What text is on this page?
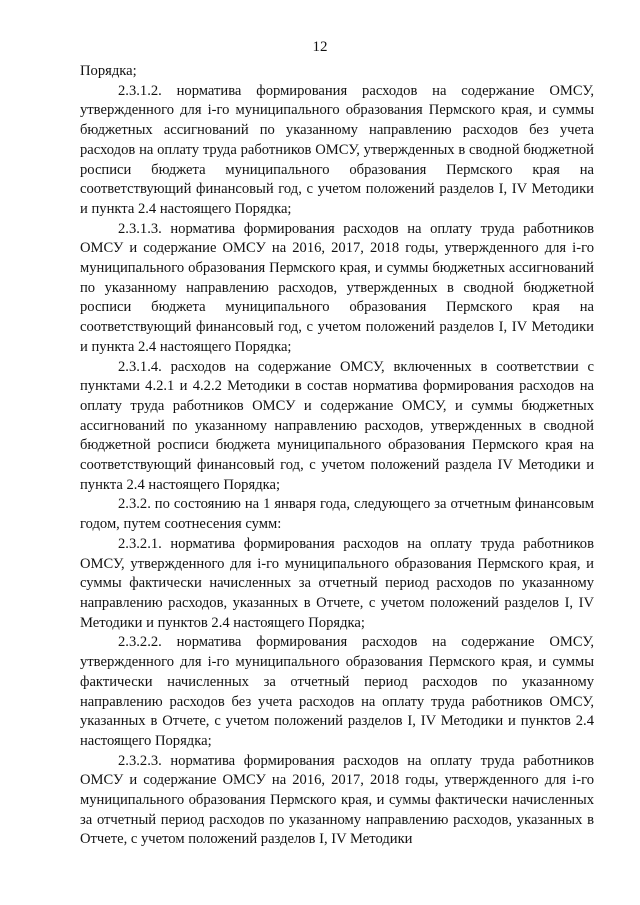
12

Порядка;

2.3.1.2. норматива формирования расходов на содержание ОМСУ, утвержденного для i-го муниципального образования Пермского края, и суммы бюджетных ассигнований по указанному направлению расходов без учета расходов на оплату труда работников ОМСУ, утвержденных в сводной бюджетной росписи бюджета муниципального образования Пермского края на соответствующий финансовый год, с учетом положений разделов I, IV Методики и пункта 2.4 настоящего Порядка;

2.3.1.3. норматива формирования расходов на оплату труда работников ОМСУ и содержание ОМСУ на 2016, 2017, 2018 годы, утвержденного для i-го муниципального образования Пермского края, и суммы бюджетных ассигнований по указанному направлению расходов, утвержденных в сводной бюджетной росписи бюджета муниципального образования Пермского края на соответствующий финансовый год, с учетом положений разделов I, IV Методики и пункта 2.4 настоящего Порядка;

2.3.1.4. расходов на содержание ОМСУ, включенных в соответствии с пунктами 4.2.1 и 4.2.2 Методики в состав норматива формирования расходов на оплату труда работников ОМСУ и содержание ОМСУ, и суммы бюджетных ассигнований по указанному направлению расходов, утвержденных в сводной бюджетной росписи бюджета муниципального образования Пермского края на соответствующий финансовый год, с учетом положений раздела IV Методики и пункта 2.4 настоящего Порядка;

2.3.2. по состоянию на 1 января года, следующего за отчетным финансовым годом, путем соотнесения сумм:

2.3.2.1. норматива формирования расходов на оплату труда работников ОМСУ, утвержденного для i-го муниципального образования Пермского края, и суммы фактически начисленных за отчетный период расходов по указанному направлению расходов, указанных в Отчете, с учетом положений разделов I, IV Методики и пунктов 2.4 настоящего Порядка;

2.3.2.2. норматива формирования расходов на содержание ОМСУ, утвержденного для i-го муниципального образования Пермского края, и суммы фактически начисленных за отчетный период расходов по указанному направлению расходов без учета расходов на оплату труда работников ОМСУ, указанных в Отчете, с учетом положений разделов I, IV Методики и пунктов 2.4 настоящего Порядка;

2.3.2.3. норматива формирования расходов на оплату труда работников ОМСУ и содержание ОМСУ на 2016, 2017, 2018 годы, утвержденного для i-го муниципального образования Пермского края, и суммы фактически начисленных за отчетный период расходов по указанному направлению расходов, указанных в Отчете, с учетом положений разделов I, IV Методики
